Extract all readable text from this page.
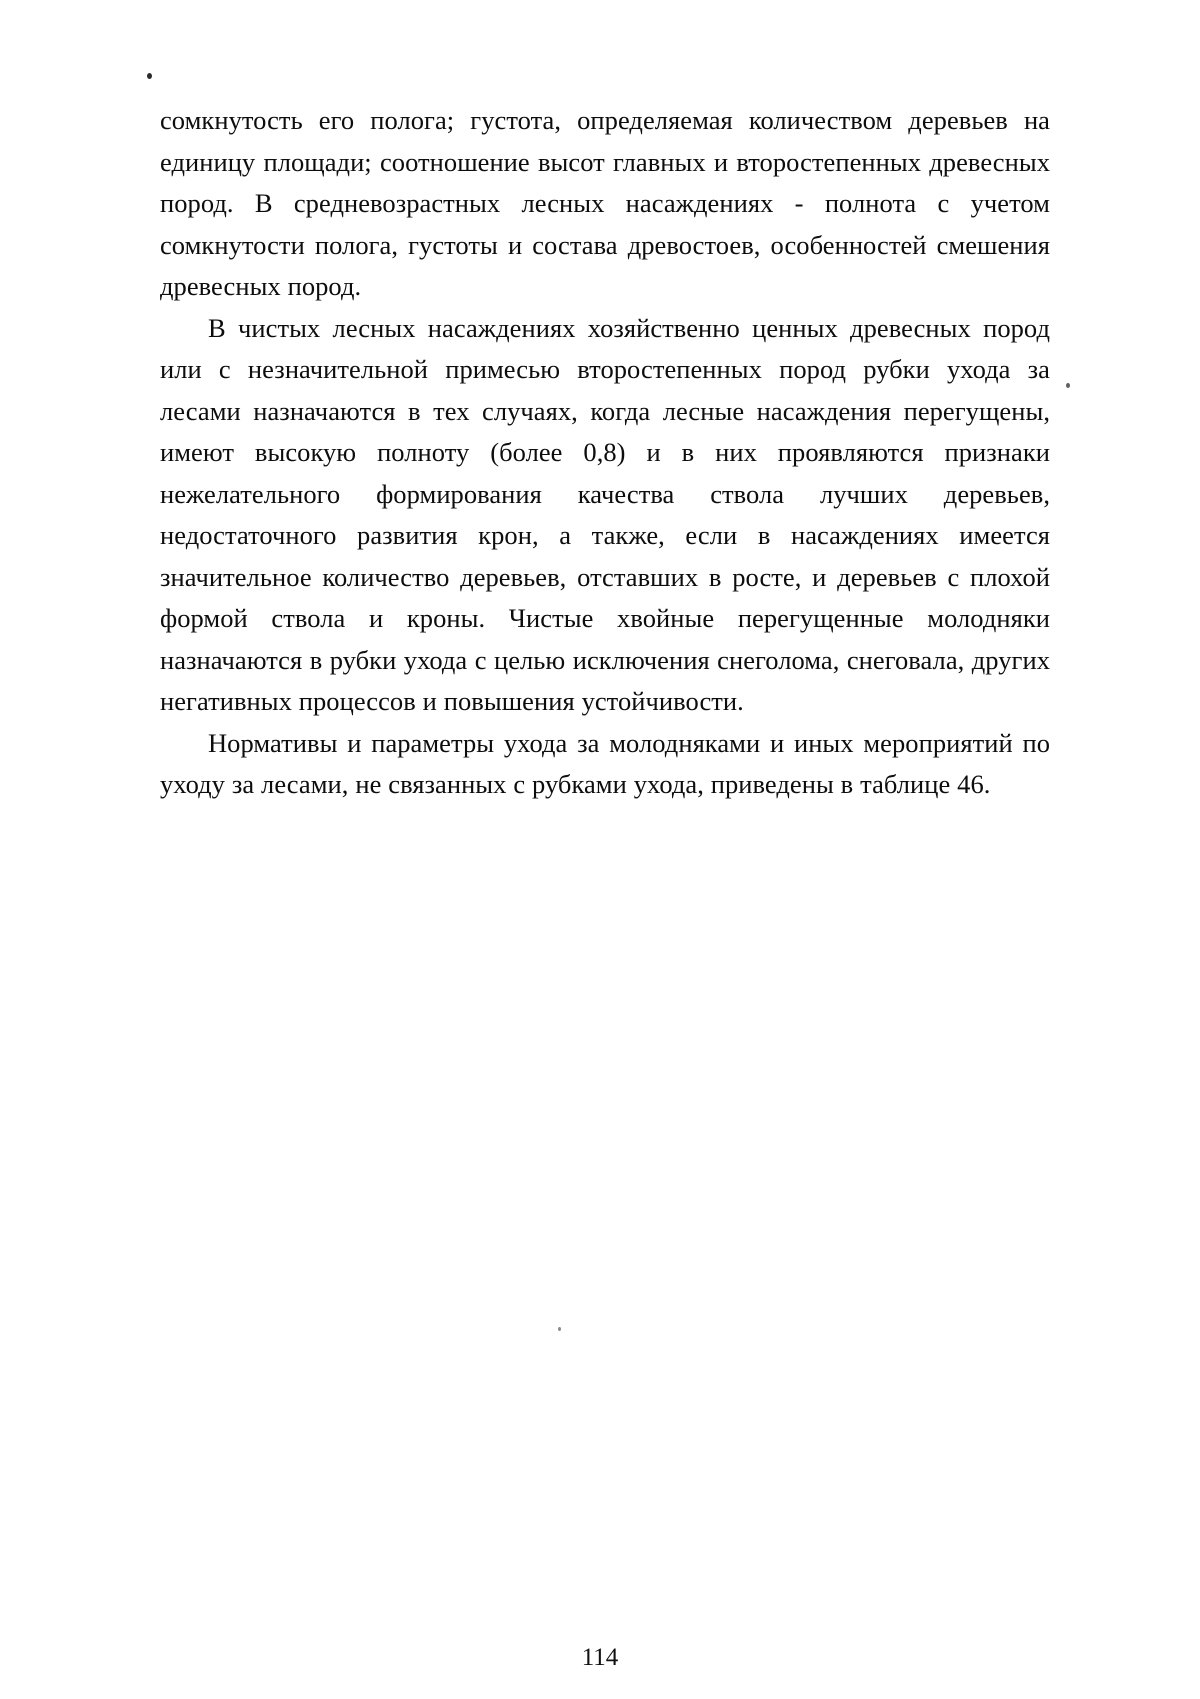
сомкнутость его полога; густота, определяемая количеством деревьев на единицу площади; соотношение высот главных и второстепенных древесных пород. В средневозрастных лесных насаждениях - полнота с учетом сомкнутости полога, густоты и состава древостоев, особенностей смешения древесных пород.

В чистых лесных насаждениях хозяйственно ценных древесных пород или с незначительной примесью второстепенных пород рубки ухода за лесами назначаются в тех случаях, когда лесные насаждения перегущены, имеют высокую полноту (более 0,8) и в них проявляются признаки нежелательного формирования качества ствола лучших деревьев, недостаточного развития крон, а также, если в насаждениях имеется значительное количество деревьев, отставших в росте, и деревьев с плохой формой ствола и кроны. Чистые хвойные перегущенные молодняки назначаются в рубки ухода с целью исключения снеголома, снеговала, других негативных процессов и повышения устойчивости.

Нормативы и параметры ухода за молодняками и иных мероприятий по уходу за лесами, не связанных с рубками ухода, приведены в таблице 46.

114
